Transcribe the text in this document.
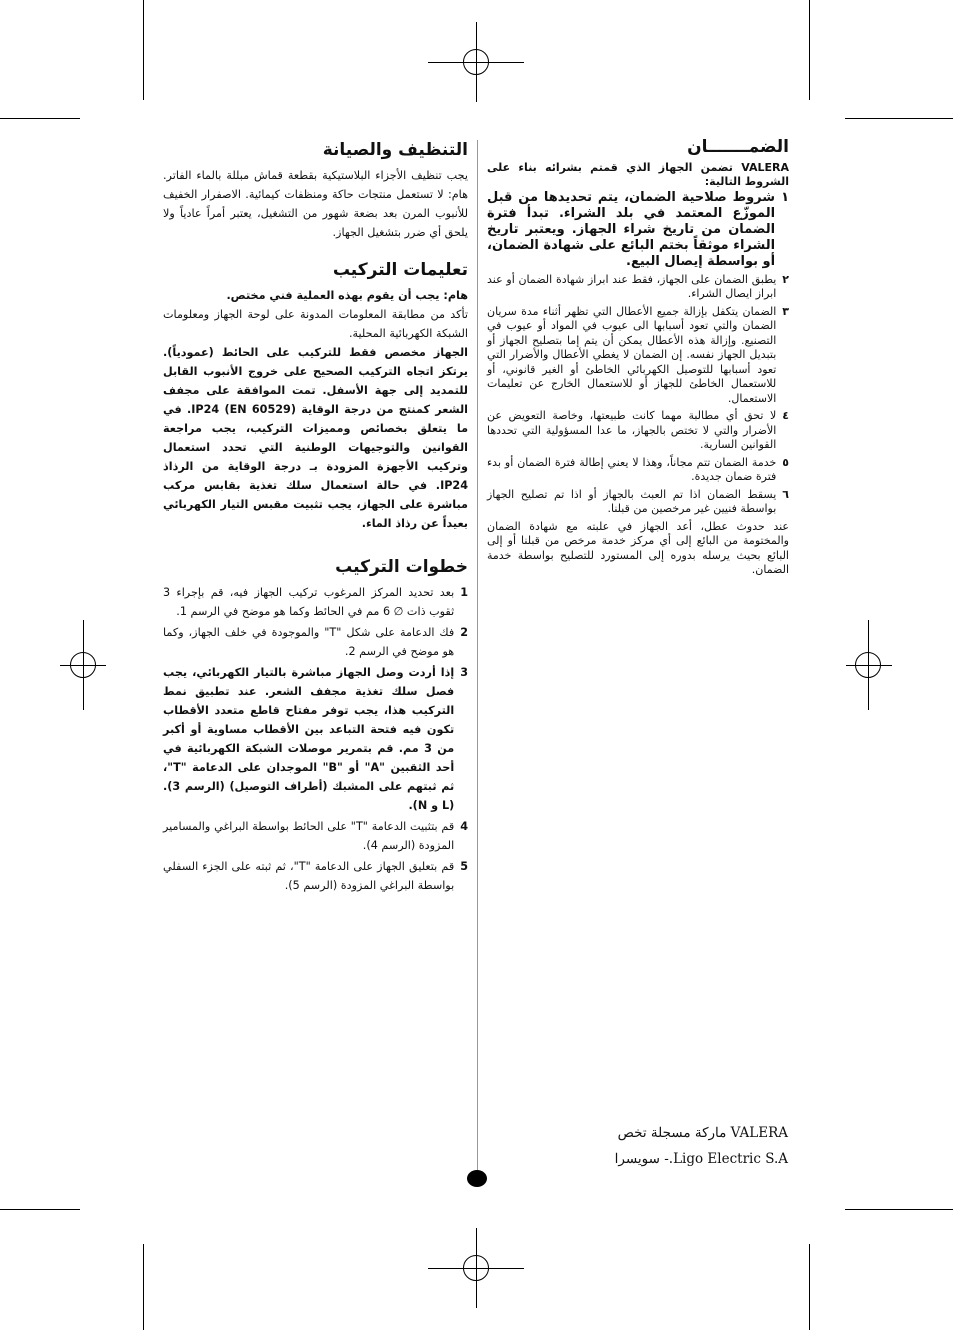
التنظيف والصيانة

يجب تنظيف الأجزاء البلاستيكية بقطعة قماش مبللة بالماء الفاتر. هام: لا تستعمل منتجات حاكة ومنظفات كيمائية. الاصفرار الخفيف للأنبوب المرن بعد بضعة شهور من التشغيل، يعتبر أمراً عادياً ولا يلحق أي ضرر بتشغيل الجهاز.

تعليمات التركيب

هام: يجب أن يقوم بهذه العملية فني مختص.

تأكد من مطابقة المعلومات المدونة على لوحة الجهاز ومعلومات الشبكة الكهربائية المحلية.

الجهاز مخصص فقط للتركيب على الحائط (عمودياً). يرتكز اتجاه التركيب الصحيح على خروج الأنبوب القابل للتمديد إلى جهة الأسفل. تمت الموافقة على مجفف الشعر كمنتج من درجة الوقاية IP24 (EN 60529). في ما يتعلق بخصائص ومميزات التركيب، يجب مراجعة القوانين والتوجيهات الوطنية التي تحدد استعمال وتركيب الأجهزة المزودة بـ درجة الوقاية من الرذاذ IP24. في حالة استعمال سلك تغذية بقابس مركب مباشرة على الجهاز، يجب تثبيت مقبس التيار الكهربائي بعيداً عن رذاذ الماء.

خطوات التركيب
1
بعد تحديد المركز المرغوب تركيب الجهاز فيه، قم بإجراء 3 ثقوب ذات ∅ 6 مم في الحائط وكما هو موضح في الرسم 1.
2
فك الدعامة على شكل "T" والموجودة في خلف الجهاز، وكما هو موضح في الرسم 2.
3
إذا أردت وصل الجهاز مباشرة بالتيار الكهربائي، يجب فصل سلك تغذية مجفف الشعر. عند تطبيق نمط التركيب هذا، يجب توفر مفتاح قاطع متعدد الأقطاب تكون فيه فتحة التباعد بين الأقطاب مساوية أو أكبر من 3 مم. قم بتمرير موصلات الشبكة الكهربائية في أحد الثقبين "A" أو "B" الموجدان على الدعامة "T"، ثم ثبتهم على المشبك (أطراف التوصيل) (الرسم 3). (L و N).
4
قم بتثبيت الدعامة "T" على الحائط بواسطة البراغي والمسامير المزودة (الرسم 4).
5
قم بتعليق الجهاز على الدعامة "T"، ثم ثبته على الجزء السفلي بواسطة البراغي المزودة (الرسم 5).
الضمـــــــان

VALERA تضمن الجهاز الذي قمتم بشرائه بناء على الشروط التالية:

١
شروط صلاحية الضمان، يتم تحديدها من قبل الموزّع المعتمد في بلد الشراء. تبدأ فترة الضمان من تاريخ شراء الجهاز. ويعتبر تاريخ الشراء موثقاً بختم البائع على شهادة الضمان، أو بواسطة إيصال البيع.
٢
يطبق الضمان على الجهاز، فقط عند ابراز شهادة الضمان أو عند ابراز ايصال الشراء.
٣
الضمان يتكفل بإزالة جميع الأعطال التي تظهر أثناء مدة سريان الضمان والتي تعود أسبابها الى عيوب في المواد أو عيوب في التصنيع. وإزالة هذه الأعطال يمكن أن يتم إما بتصليح الجهاز أو بتبديل الجهاز نفسه. إن الضمان لا يغطي الأعطال والأضرار التي تعود أسبابها للتوصيل الكهربائي الخاطئ أو الغير قانوني، أو للاستعمال الخاطئ للجهاز أو للاستعمال الخارج عن تعليمات الاستعمال.
٤
لا تحق أي مطالبة مهما كانت طبيعتها، وخاصة التعويض عن الأضرار والتي لا تختص بالجهاز، ما عدا المسؤولية التي تحددها القوانين السارية.
٥
خدمة الضمان تتم مجاناً، وهذا لا يعني إطالة فترة الضمان أو بدء فترة ضمان جديدة.
٦
يسقط الضمان اذا تم العبث بالجهاز أو اذا تم تصليح الجهاز بواسطة فنيين غير مرخصين من قبلنا.

عند حدوث عطل، أعد الجهاز في علبته مع شهادة الضمان والمختومة من البائع إلى أي مركز خدمة مرخص من قبلنا أو إلى البائع بحيث يرسله بدوره إلى المستورد للتصليح بواسطة خدمة الضمان.

VALERA ماركة مسجلة تخص

Ligo Electric S.A.- سويسرا
